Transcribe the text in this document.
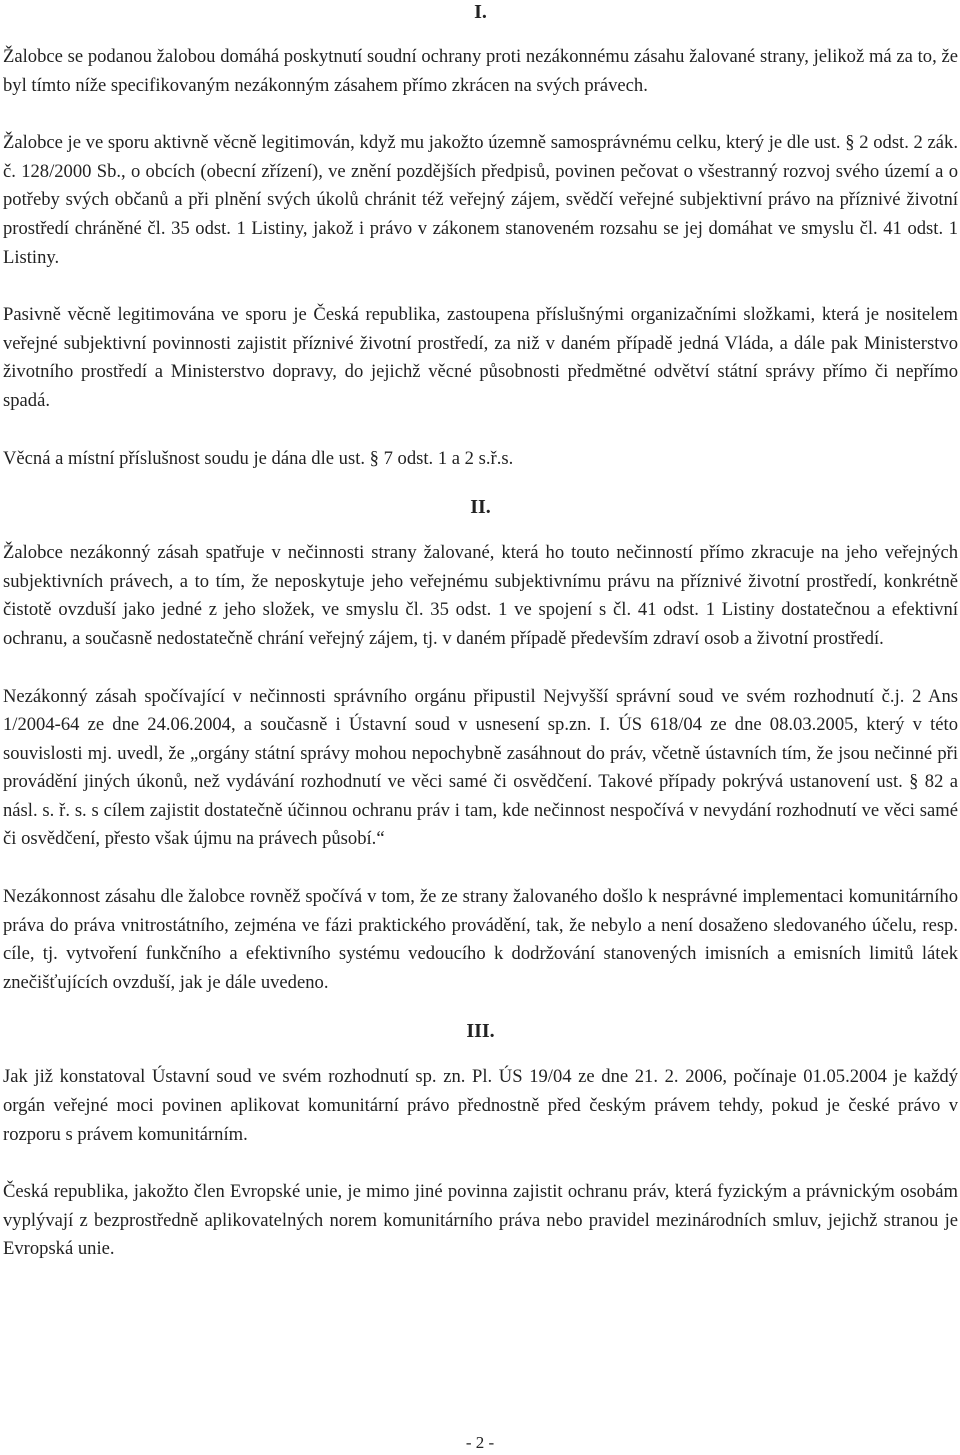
I.

Žalobce se podanou žalobou domáhá poskytnutí soudní ochrany proti nezákonnému zásahu žalované strany, jelikož má za to, že byl tímto níže specifikovaným nezákonným zásahem přímo zkrácen na svých právech.

Žalobce je ve sporu aktivně věcně legitimován, když mu jakožto územně samosprávnému celku, který je dle ust. § 2 odst. 2 zák. č. 128/2000 Sb., o obcích (obecní zřízení), ve znění pozdějších předpisů, povinen pečovat o všestranný rozvoj svého území a o potřeby svých občanů a při plnění svých úkolů chránit též veřejný zájem, svědčí veřejné subjektivní právo na příznivé životní prostředí chráněné čl. 35 odst. 1 Listiny, jakož i právo v zákonem stanoveném rozsahu se jej domáhat ve smyslu čl. 41 odst. 1 Listiny.

Pasivně věcně legitimována ve sporu je Česká republika, zastoupena příslušnými organizačními složkami, která je nositelem veřejné subjektivní povinnosti zajistit příznivé životní prostředí, za niž v daném případě jedná Vláda, a dále pak Ministerstvo životního prostředí a Ministerstvo dopravy, do jejichž věcné působnosti předmětné odvětví státní správy přímo či nepřímo spadá.

Věcná a místní příslušnost soudu je dána dle ust. § 7 odst. 1 a 2 s.ř.s.

II.

Žalobce nezákonný zásah spatřuje v nečinnosti strany žalované, která ho touto nečinností přímo zkracuje na jeho veřejných subjektivních právech, a to tím, že neposkytuje jeho veřejnému subjektivnímu právu na příznivé životní prostředí, konkrétně čistotě ovzduší jako jedné z jeho složek, ve smyslu čl. 35 odst. 1 ve spojení s čl. 41 odst. 1 Listiny dostatečnou a efektivní ochranu, a současně nedostatečně chrání veřejný zájem, tj. v daném případě především zdraví osob a životní prostředí.

Nezákonný zásah spočívající v nečinnosti správního orgánu připustil Nejvyšší správní soud ve svém rozhodnutí č.j. 2 Ans 1/2004-64 ze dne 24.06.2004, a současně i Ústavní soud v usnesení sp.zn. I. ÚS 618/04 ze dne 08.03.2005, který v této souvislosti mj. uvedl, že „orgány státní správy mohou nepochybně zasáhnout do práv, včetně ústavních tím, že jsou nečinné při provádění jiných úkonů, než vydávání rozhodnutí ve věci samé či osvědčení. Takové případy pokrývá ustanovení ust. § 82 a násl. s. ř. s. s cílem zajistit dostatečně účinnou ochranu práv i tam, kde nečinnost nespočívá v nevydání rozhodnutí ve věci samé či osvědčení, přesto však újmu na právech působí.“

Nezákonnost zásahu dle žalobce rovněž spočívá v tom, že ze strany žalovaného došlo k nesprávné implementaci komunitárního práva do práva vnitrostátního, zejména ve fázi praktického provádění, tak, že nebylo a není dosaženo sledovaného účelu, resp. cíle, tj. vytvoření funkčního a efektivního systému vedoucího k dodržování stanovených imisních a emisních limitů látek znečišťujících ovzduší, jak je dále uvedeno.

III.

Jak již konstatoval Ústavní soud ve svém rozhodnutí sp. zn. Pl. ÚS 19/04 ze dne 21. 2. 2006, počínaje 01.05.2004 je každý orgán veřejné moci povinen aplikovat komunitární právo přednostně před českým právem tehdy, pokud je české právo v rozporu s právem komunitárním.

Česká republika, jakožto člen Evropské unie, je mimo jiné povinna zajistit ochranu práv, která fyzickým a právnickým osobám vyplývají z bezprostředně aplikovatelných norem komunitárního práva nebo pravidel mezinárodních smluv, jejichž stranou je Evropská unie.

- 2 -
